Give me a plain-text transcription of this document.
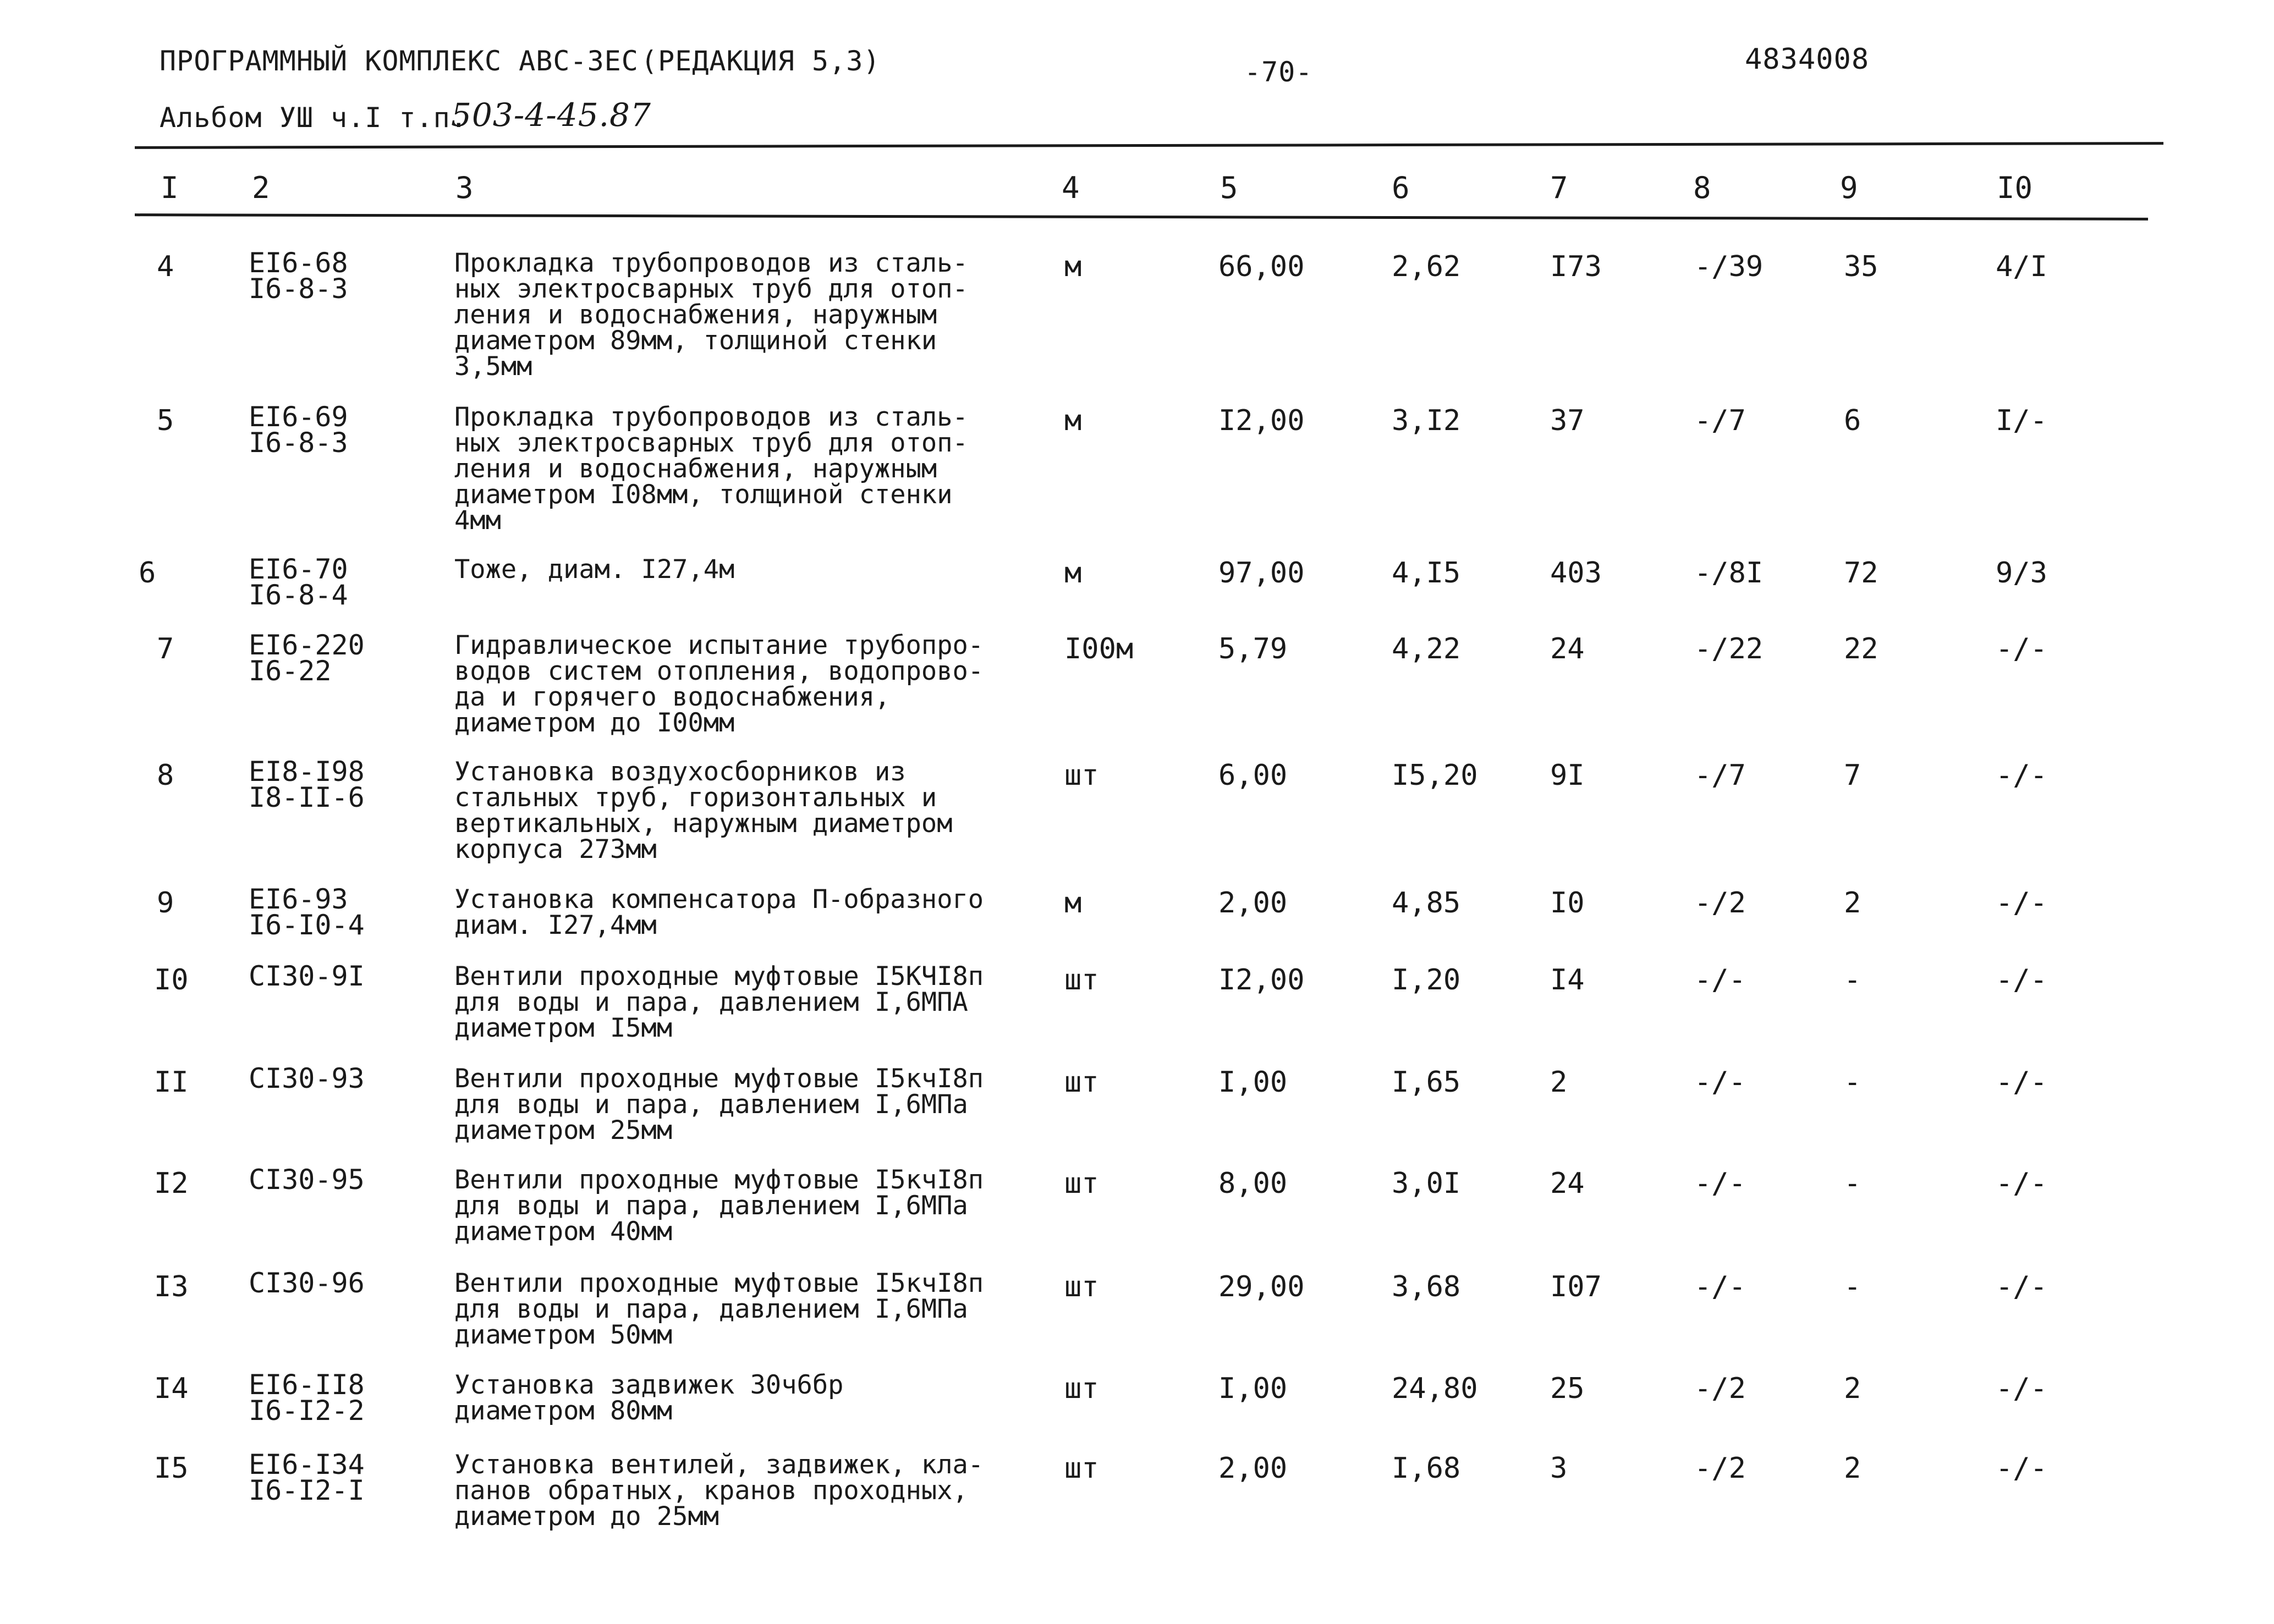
ПРОГРАММНЫЙ КОМПЛЕКС АВС-3ЕС (РЕДАКЦИЯ 5,3)	-70-	4834008
Альбом УШ ч.I т.п.
503-4-45.87
I 2	3	4	5	6	7	8	9	I0
4	EI6-68
I6-8-3
Прокладка трубопроводов из сталь-
ных электросварных труб для отоп-
ления и водоснабжения, наружным
диаметром 89мм, толщиной стенки
3,5мм
м	66,00	2,62	I73	-/39	35	4/I
5	EI6-69
I6-8-3
Прокладка трубопроводов из сталь-
ных электросварных труб для отоп-
ления и водоснабжения, наружным
диаметром I08мм, толщиной стенки
4мм
м	I2,00	3,I2	37	-/7	6	I/-
6	EI6-70
I6-8-4
Тоже, диам. I27,4м	м	97,00	4,I5	403	-/8I	72	9/3
7	EI6-220
I6-22
Гидравлическое испытание трубопро-
водов систем отопления, водопрово-
да и горячего водоснабжения,
диаметром до I00мм
I00м	5,79	4,22	24	-/22	22	-/-
8	EI8-I98
I8-II-6
Установка воздухосборников из
стальных труб, горизонтальных и
вертикальных, наружным диаметром
корпуса 273мм
шт	6,00	I5,20	9I	-/7	7	-/-
9	EI6-93
I6-I0-4
Установка компенсатора П-образного
диам. I27,4мм
м	2,00	4,85	I0	-/2	2	-/-
I0 CI30-9I	Вентили проходные муфтовые I5КЧI8п
для воды и пара, давлением I,6МПА
диаметром I5мм
шт	I2,00	I,20	I4	-/-	-	-/-
II CI30-93	Вентили проходные муфтовые I5кчI8п
для воды и пара, давлением I,6МПа
диаметром 25мм
шт	I,00	I,65	2	-/-	-	-/-
I2 CI30-95	Вентили проходные муфтовые I5кчI8п
для воды и пара, давлением I,6МПа
диаметром 40мм
шт	8,00	3,0I	24	-/-	-	-/-
I3 CI30-96	Вентили проходные муфтовые I5кчI8п
для воды и пара, давлением I,6МПа
диаметром 50мм
шт	29,00	3,68	I07	-/-	-	-/-
I4 EI6-II8
I6-I2-2
Установка задвижек 30ч6бр
диаметром 80мм
шт	I,00	24,80	25	-/2	2	-/-
I5 EI6-I34
I6-I2-I
Установка вентилей, задвижек, кла-
панов обратных, кранов проходных,
диаметром до 25мм
шт	2,00	I,68	3	-/2	2	-/-
